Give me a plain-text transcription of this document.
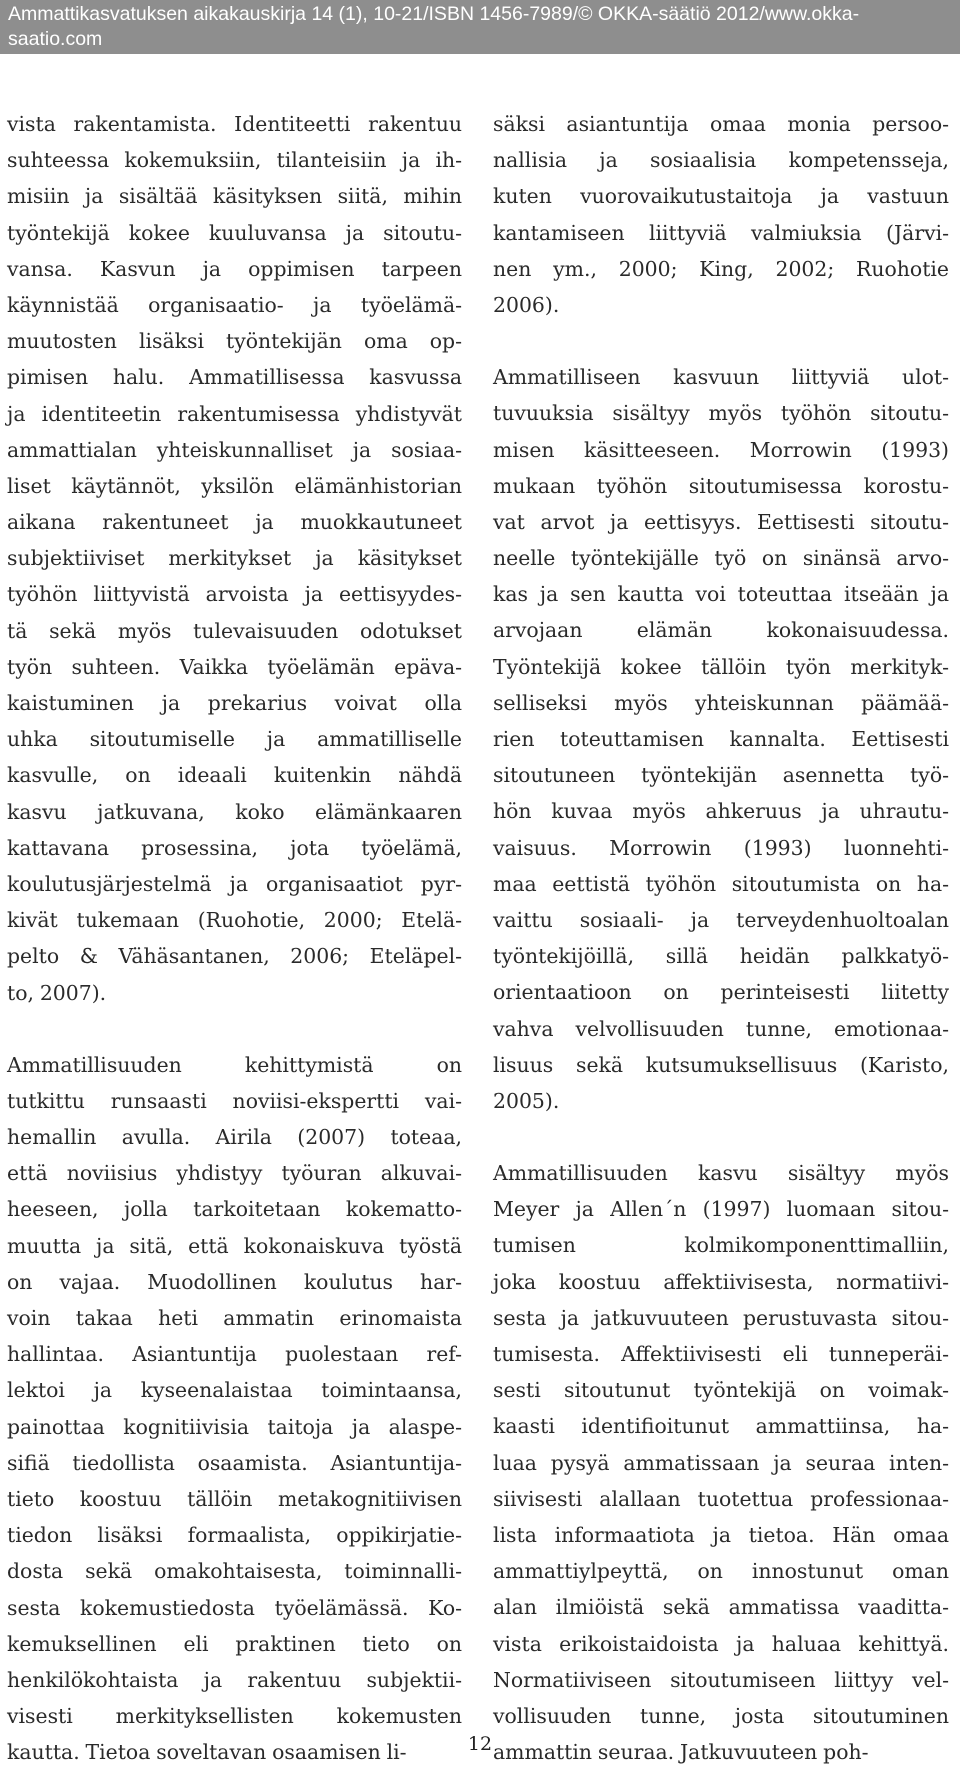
Ammattikasvatuksen aikakauskirja 14 (1), 10-21/ISBN 1456-7989/© OKKA-säätiö 2012/www.okka-saatio.com

vista rakentamista. Identiteetti rakentuu
suhteessa kokemuksiin, tilanteisiin ja ih-
misiin ja sisältää käsityksen siitä, mihin
työntekijä kokee kuuluvansa ja sitoutu-
vansa. Kasvun ja oppimisen tarpeen
käynnistää organisaatio- ja työelämä-
muutosten lisäksi työntekijän oma op-
pimisen halu. Ammatillisessa kasvussa
ja identiteetin rakentumisessa yhdistyvät
ammattialan yhteiskunnalliset ja sosiaa-
liset käytännöt, yksilön elämänhistorian
aikana rakentuneet ja muokkautuneet
subjektiiviset merkitykset ja käsitykset
työhön liittyvistä arvoista ja eettisyydes-
tä sekä myös tulevaisuuden odotukset
työn suhteen. Vaikka työelämän epäva-
kaistuminen ja prekarius voivat olla
uhka sitoutumiselle ja ammatilliselle
kasvulle, on ideaali kuitenkin nähdä
kasvu jatkuvana, koko elämänkaaren
kattavana prosessina, jota työelämä,
koulutusjärjestelmä ja organisaatiot pyr-
kivät tukemaan (Ruohotie, 2000; Etelä-
pelto & Vähäsantanen, 2006; Eteläpel-
to, 2007).

Ammatillisuuden kehittymistä on
tutkittu runsaasti noviisi-ekspertti vai-
hemallin avulla. Airila (2007) toteaa,
että noviisius yhdistyy työuran alkuvai-
heeseen, jolla tarkoitetaan kokematto-
muutta ja sitä, että kokonaiskuva työstä
on vajaa. Muodollinen koulutus har-
voin takaa heti ammatin erinomaista
hallintaa. Asiantuntija puolestaan ref-
lektoi ja kyseenalaistaa toimintaansa,
painottaa kognitiivisia taitoja ja alaspe-
sifiä tiedollista osaamista. Asiantuntija-
tieto koostuu tällöin metakognitiivisen
tiedon lisäksi formaalista, oppikirjatie-
dosta sekä omakohtaisesta, toiminnalli-
sesta kokemustiedosta työelämässä. Ko-
kemuksellinen eli praktinen tieto on
henkilökohtaista ja rakentuu subjektii-
visesti merkityksellisten kokemusten
kautta. Tietoa soveltavan osaamisen li-

säksi asiantuntija omaa monia persoo-
nallisia ja sosiaalisia kompetensseja,
kuten vuorovaikutustaitoja ja vastuun
kantamiseen liittyviä valmiuksia (Järvi-
nen ym., 2000; King, 2002; Ruohotie
2006).

Ammatilliseen kasvuun liittyviä ulot-
tuvuuksia sisältyy myös työhön sitoutu-
misen käsitteeseen. Morrowin (1993)
mukaan työhön sitoutumisessa korostu-
vat arvot ja eettisyys. Eettisesti sitoutu-
neelle työntekijälle työ on sinänsä arvo-
kas ja sen kautta voi toteuttaa itseään ja
arvojaan elämän kokonaisuudessa.
Työntekijä kokee tällöin työn merkityk-
selliseksi myös yhteiskunnan päämää-
rien toteuttamisen kannalta. Eettisesti
sitoutuneen työntekijän asennetta työ-
hön kuvaa myös ahkeruus ja uhrautu-
vaisuus. Morrowin (1993) luonnehti-
maa eettistä työhön sitoutumista on ha-
vaittu sosiaali- ja terveydenhuoltoalan
työntekijöillä, sillä heidän palkkatyö-
orientaatioon on perinteisesti liitetty
vahva velvollisuuden tunne, emotionaa-
lisuus sekä kutsumuksellisuus (Karisto,
2005).

Ammatillisuuden kasvu sisältyy myös
Meyer ja Allen´n (1997) luomaan sitou-
tumisen kolmikomponenttimalliin,
joka koostuu affektiivisesta, normatiivi-
sesta ja jatkuvuuteen perustuvasta sitou-
tumisesta. Affektiivisesti eli tunneperäi-
sesti sitoutunut työntekijä on voimak-
kaasti identifioitunut ammattiinsa, ha-
luaa pysyä ammatissaan ja seuraa inten-
siivisesti alallaan tuotettua professionaa-
lista informaatiota ja tietoa. Hän omaa
ammattiylpeyttä, on innostunut oman
alan ilmiöistä sekä ammatissa vaaditta-
vista erikoistaidoista ja haluaa kehittyä.
Normatiiviseen sitoutumiseen liittyy vel-
vollisuuden tunne, josta sitoutuminen
ammattin seuraa. Jatkuvuuteen poh-

12
